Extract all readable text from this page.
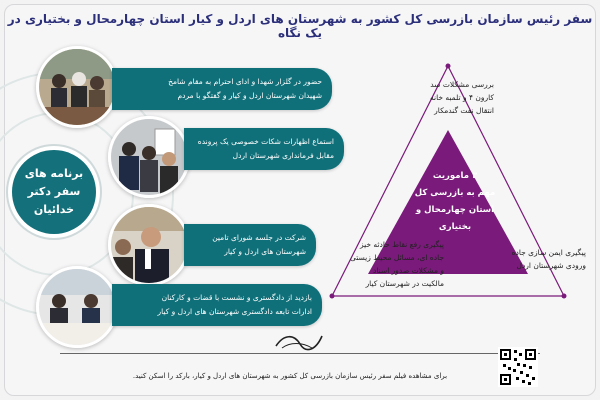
سفر رئیس سازمان بازرسی کل کشور به شهرستان های اردل و کیار استان چهارمحال و بختیاری در یک نگاه
برنامه های سفر دکتر خدائیان
حضور در گلزار شهدا و ادای احترام به مقام شامخ
شهیدان شهرستان اردل و کیار و گفتگو با مردم
استماع اظهارات شکات خصوصی یک پرونده
مقابل فرمانداری شهرستان اردل
شرکت در جلسه شورای تامین
شهرستان های اردل و کیار
بازدید از دادگستری و نشست با قضات و کارکنان
ادارات تابعه دادگستری شهرستان های اردل و کیار
۳ ماموریت
مهم به بازرسی کل
استان چهارمحال و بختیاری
بررسی مشکلات سد
کارون ۴ و تلمبه خانه
انتقال نفت گندمکار
پیگیری رفع نقاط حادثه خیز
جاده ای، مسائل محیط زیستی
و مشکلات صدور اسناد
مالکیت در شهرستان کیار
پیگیری ایمن سازی جاده
ورودی شهرستان اردل
برای مشاهده فیلم سفر رئیس سازمان بازرسی کل کشور به شهرستان های اردل و کیار، بارکد را اسکن کنید.
